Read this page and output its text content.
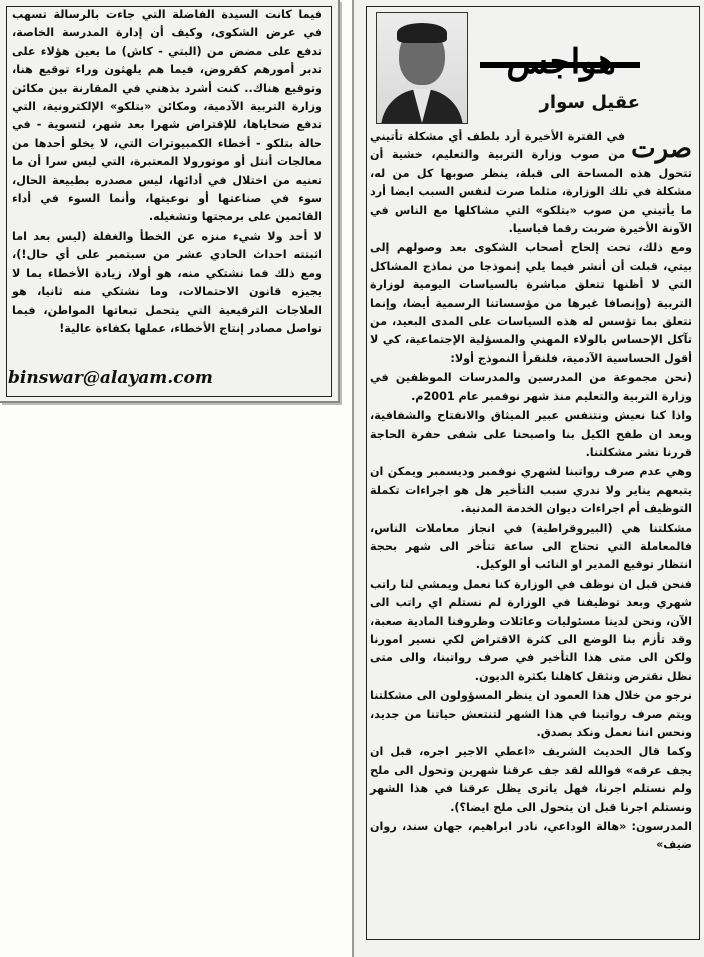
فيما كانت السيدة الفاضلة التي جاءت بالرسالة تسهب في عرض الشكوى، وكيف أن إدارة المدرسة الخاصة، تدفع على مضض من (البتي - كاش) ما يعين هؤلاء على تدبر أمورهم كقروض، فيما هم يلهثون وراء توقيع هنا، وتوقيع هناك.. كنت أشرد بذهني في المقارنة بين مكائن وزارة التربية الآدمية، ومكائن «بتلكو» الإلكترونية، التي تدفع ضحاياها، للإقتراض شهرا بعد شهر، لتسوية - في حالة بتلكو - أخطاء الكمبيوترات التي، لا يخلو أحدها من معالجات أنتل أو موتورولا المعتبرة، التي ليس سرا أن ما تعنيه من اختلال في أدائها، ليس مصدره بطبيعة الحال، سوء في صناعتها أو نوعيتها، وأنما السوء في أداء القائمين على برمجتها وتشغيله.

لا أحد ولا شيء منزه عن الخطأ والغفلة (ليس بعد اما اثبتته احداث الحادي عشر من سبتمبر على أي حال!)، ومع ذلك فما نشتكي منه، هو أولا، زيادة الأخطاء بما لا يجيزه قانون الاحتمالات، وما نشتكي منه ثانيا، هو العلاجات الترقيعية التي يتحمل تبعاتها المواطن، فيما تواصل مصادر إنتاج الأخطاء، عملها بكفاءة عالية!

binswar@alayam.com
هواجس
عقيل سوار
صرت

في الفترة الأخيرة أرد بلطف أي مشكلة تأتيني من صوب وزارة التربية والتعليم، خشية أن تتحول هذه المساحة الى قبلة، ينظر صوبها كل من له، مشكلة في تلك الوزارة، مثلما صرت لنفس السبب ايضا أرد ما يأتيني من صوب «بتلكو» التي مشاكلها مع الناس في الآونة الأخيرة ضربت رقما قياسيا.

ومع ذلك، تحت إلحاح أصحاب الشكوى بعد وصولهم إلى بيتي، قبلت أن أنشر فيما يلي إنموذجا من نماذج المشاكل التي لا أظنها تتعلق مباشرة بالسياسات اليومية لوزارة التربية (وإنصافا غيرها من مؤسساتنا الرسمية أيضا، وإنما تتعلق بما تؤسس له هذه السياسات على المدى البعيد، من تآكل الإحساس بالولاء المهني والمسؤلية الإجتماعية، كي لا أقول الحساسية الآدمية، فلنقرأ النموذج أولا:

(نحن مجموعة من المدرسين والمدرسات الموظفين في وزارة التربية والتعليم منذ شهر نوفمبر عام 2001م.

واذا كنا نعيش ونتنفس عبير الميثاق والانفتاح والشفافية، وبعد ان طفح الكيل بنا واصبحنا على شفى حفرة الحاجة قررنا نشر مشكلتنا.

وهي عدم صرف رواتبنا لشهري نوفمبر وديسمبر ويمكن ان يتبعهم يناير ولا ندري سبب التأخير هل هو اجراءات تكملة التوظيف أم اجراءات ديوان الخدمة المدنية.

مشكلتنا هي (البيروقراطية) في انجاز معاملات الناس، فالمعاملة التي تحتاج الى ساعة تتأخر الى شهر بحجة انتظار توقيع المدير او النائب أو الوكيل.

فنحن قبل ان نوظف في الوزارة كنا نعمل ويمشي لنا راتب شهري وبعد توظيفنا في الوزارة لم نستلم اي راتب الى الآن، ونحن لدينا مسئوليات وعائلات وظروفنا المادية صعبة، وقد تأزم بنا الوضع الى كثرة الاقتراض لكي نسير امورنا ولكن الى متى هذا التأخير في صرف رواتبنا، والى متى نظل نقترض ونثقل كاهلنا بكثرة الديون.

نرجو من خلال هذا العمود ان ينظر المسؤولون الى مشكلتنا ويتم صرف رواتبنا في هذا الشهر لتنتعش حياتنا من جديد، ونحس اننا نعمل ونكد بصدق.

وكما قال الحديث الشريف «اعطي الاجير اجره، قبل ان يجف عرقه» فوالله لقد جف عرقنا شهرين وتحول الى ملح ولم نستلم اجرنا، فهل ياترى يظل عرقنا في هذا الشهر ونستلم اجرنا قبل ان يتحول الى ملح ايضا؟).

المدرسون: «هالة الوداعي، نادر ابراهيم، جهان سند، روان ضيف»
